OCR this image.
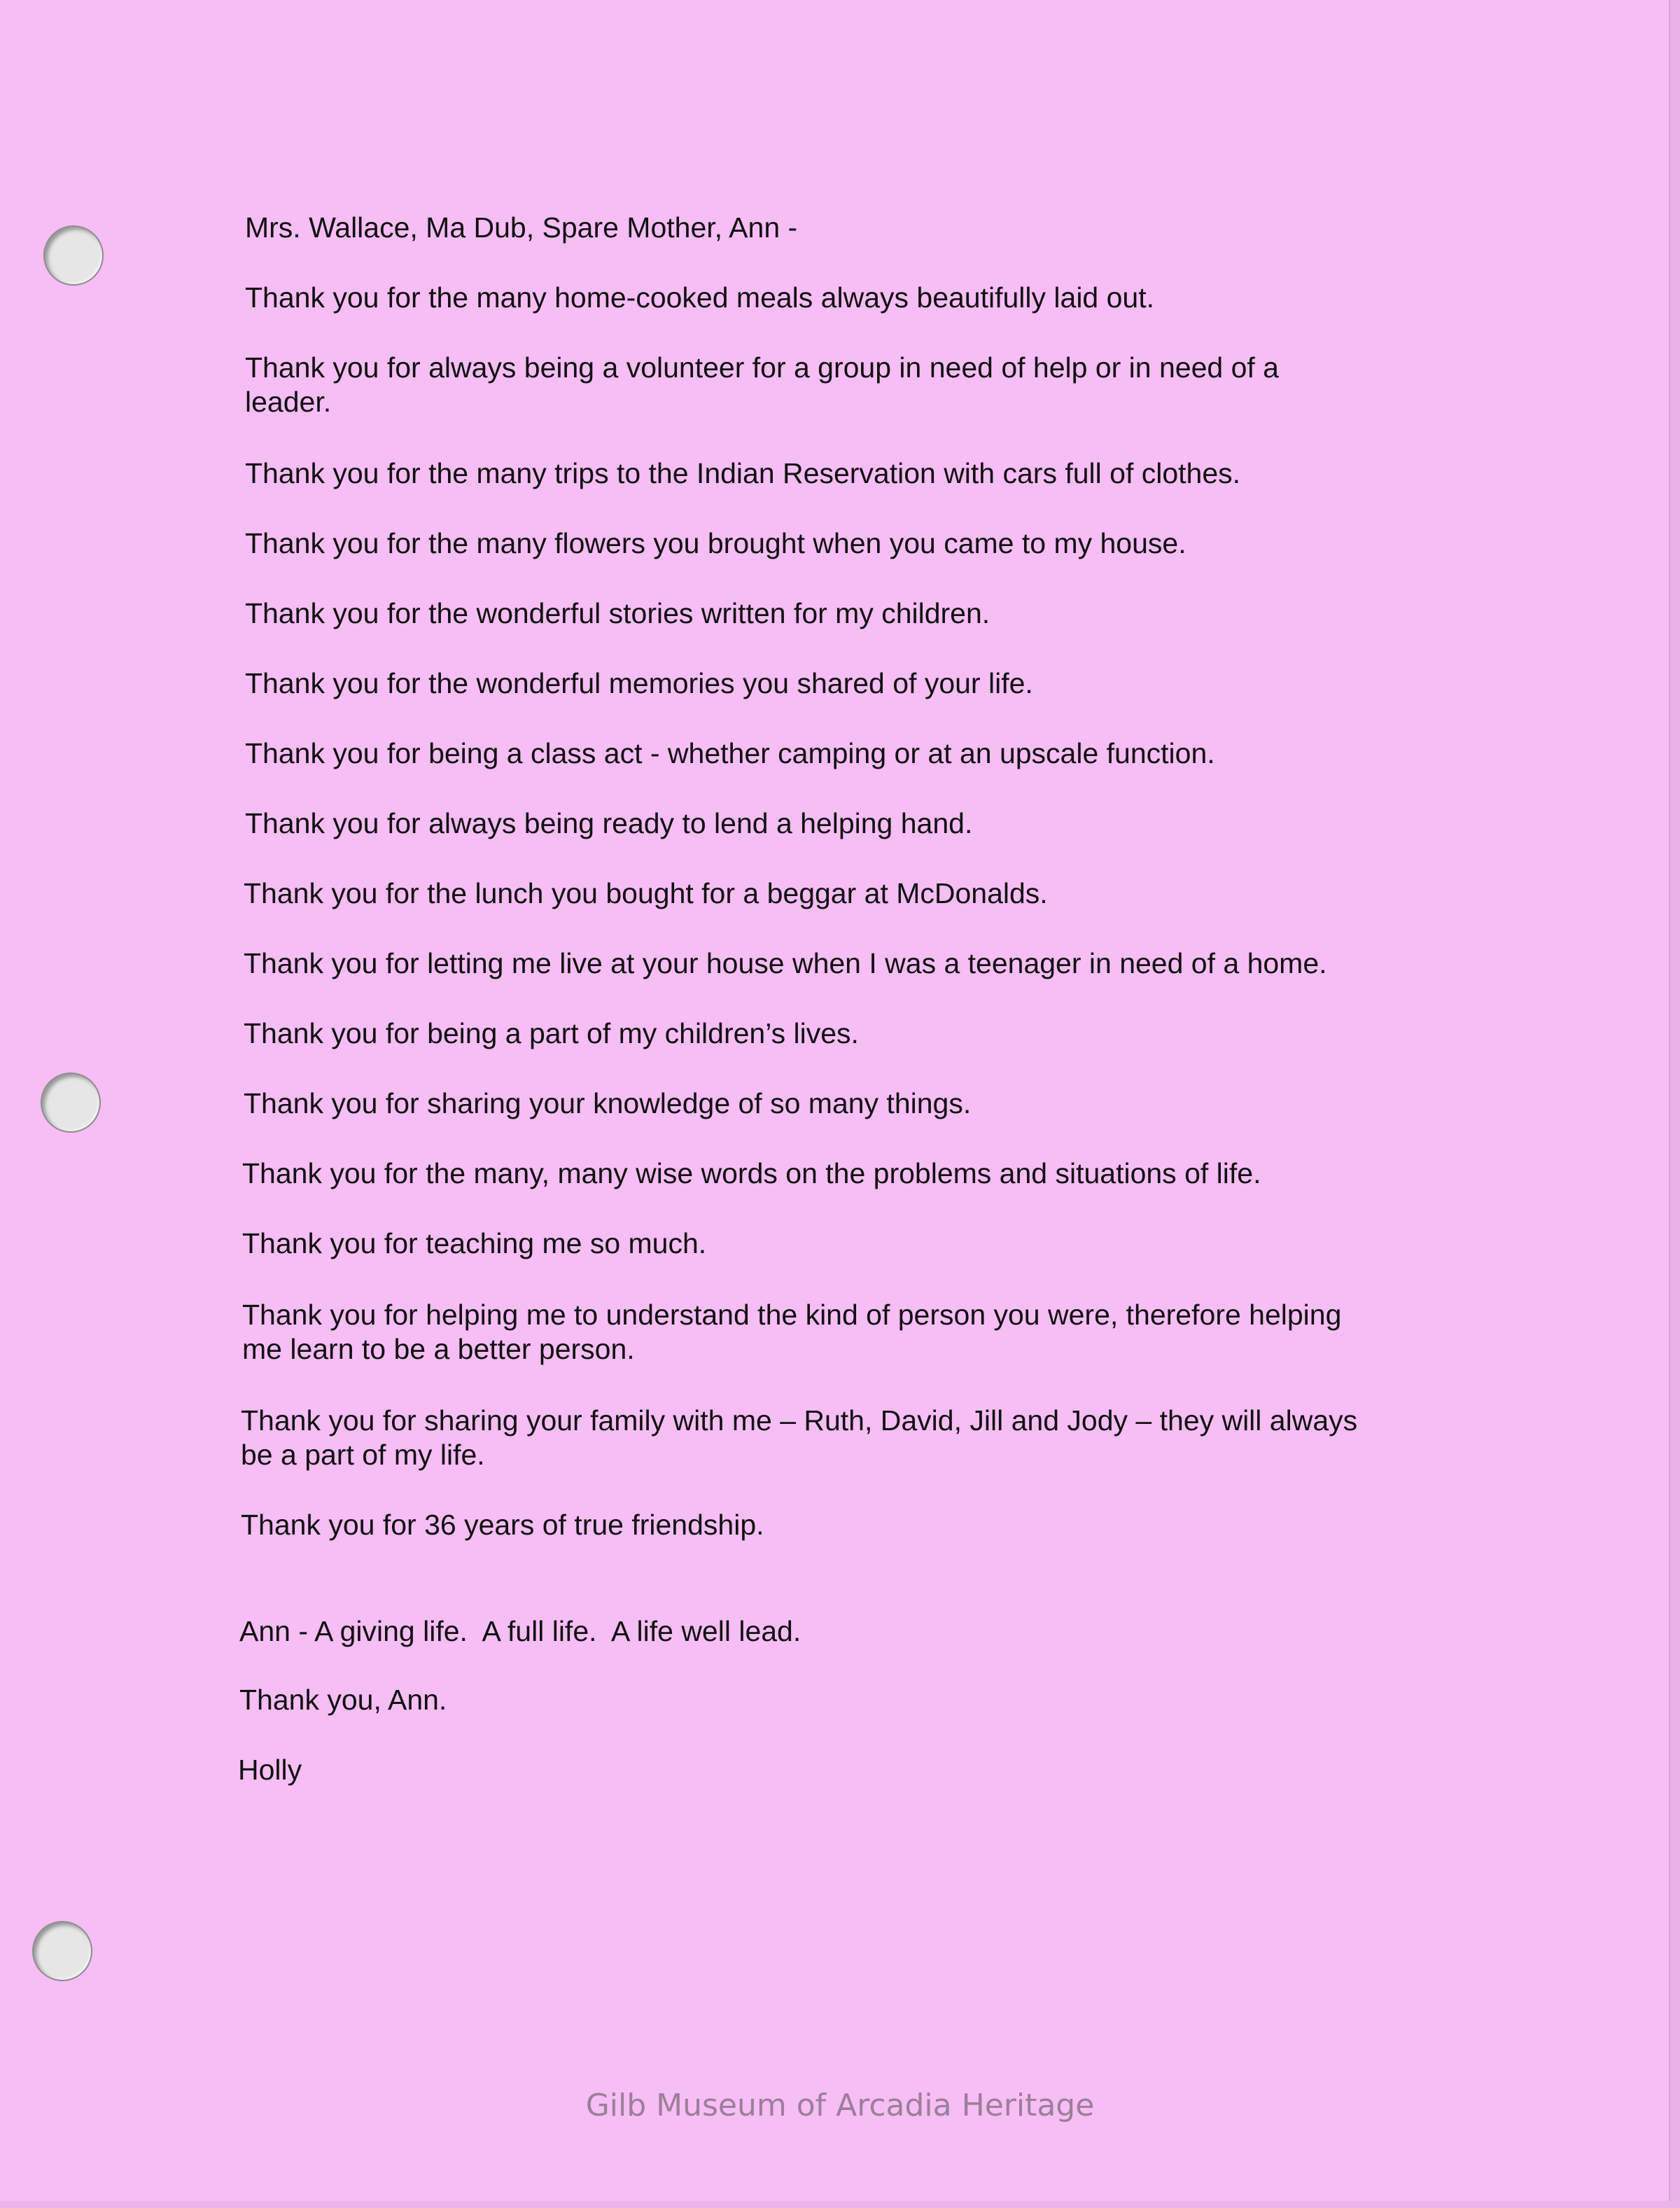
Mrs. Wallace, Ma Dub, Spare Mother, Ann -

Thank you for the many home-cooked meals always beautifully laid out.

Thank you for always being a volunteer for a group in need of help or in need of a

leader.

Thank you for the many trips to the Indian Reservation with cars full of clothes.

Thank you for the many flowers you brought when you came to my house.

Thank you for the wonderful stories written for my children.

Thank you for the wonderful memories you shared of your life.

Thank you for being a class act - whether camping or at an upscale function.

Thank you for always being ready to lend a helping hand.

Thank you for the lunch you bought for a beggar at McDonalds.

Thank you for letting me live at your house when I was a teenager in need of a home.

Thank you for being a part of my children’s lives.

Thank you for sharing your knowledge of so many things.

Thank you for the many, many wise words on the problems and situations of life.

Thank you for teaching me so much.

Thank you for helping me to understand the kind of person you were, therefore helping

me learn to be a better person.

Thank you for sharing your family with me – Ruth, David, Jill and Jody – they will always

be a part of my life.

Thank you for 36 years of true friendship.

Ann - A giving life.  A full life.  A life well lead.

Thank you, Ann.

Holly

Gilb Museum of Arcadia Heritage
